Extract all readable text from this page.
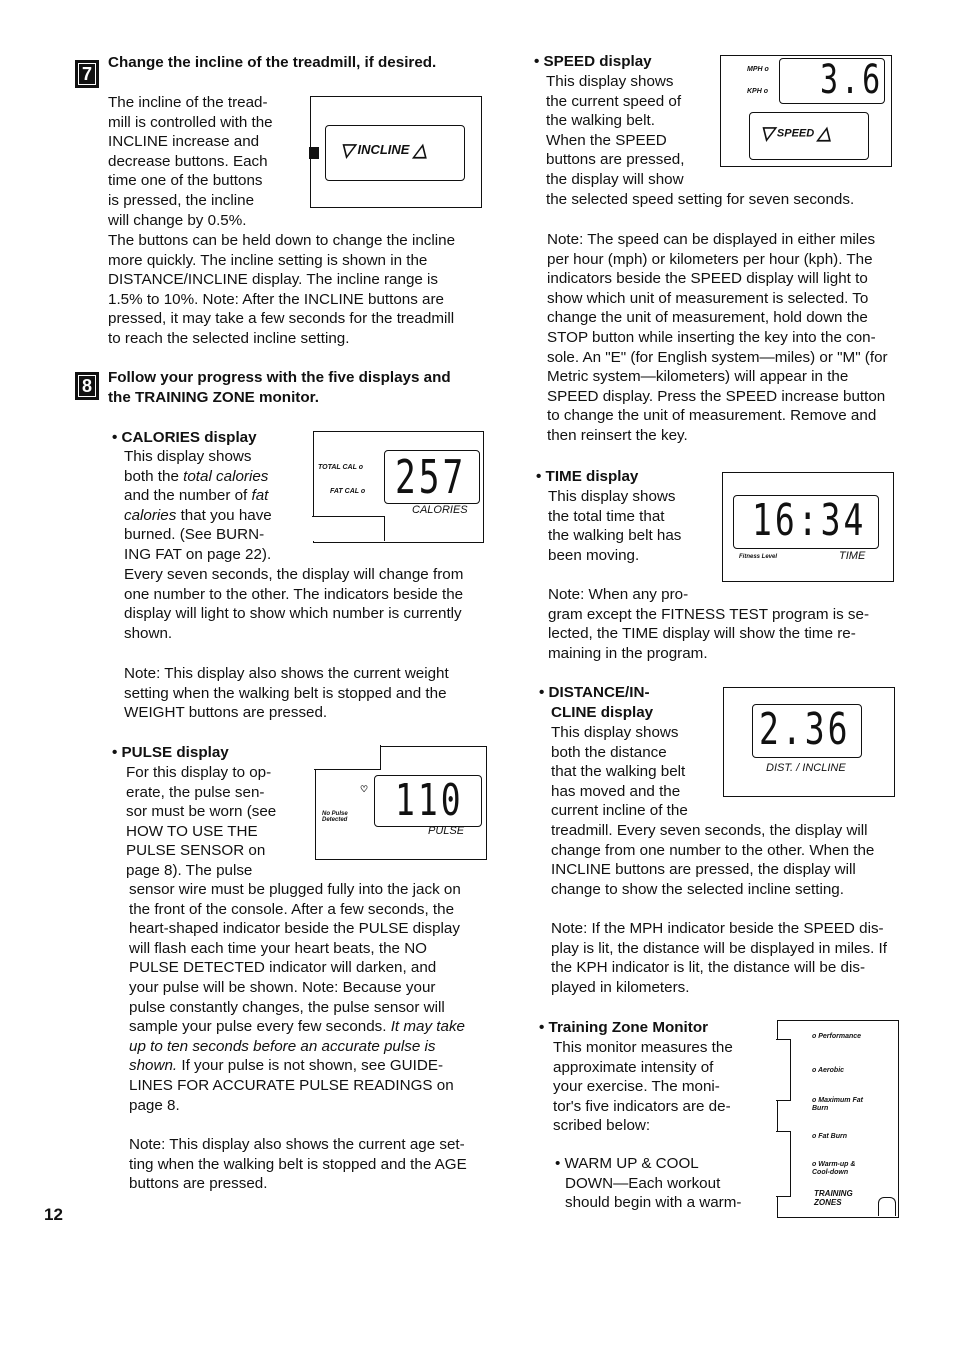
7
Change the incline of the treadmill, if desired.
The incline of the tread-
mill is controlled with the
INCLINE increase and
decrease buttons. Each
time one of the buttons
is pressed, the incline
will change by 0.5%.
The buttons can be held down to change the incline
more quickly. The incline setting is shown in the
DISTANCE/INCLINE display. The incline range is
1.5% to 10%. Note: After the INCLINE buttons are
pressed, it may take a few seconds for the treadmill
to reach the selected incline setting.
▽ INCLINE △
8	Follow your progress with the five displays and
the TRAINING ZONE monitor.
• CALORIES display
This display shows
both the total calories
and the number of fat
calories that you have
burned. (See BURN-
ING FAT on page 22).
Every seven seconds, the display will change from
one number to the other. The indicators beside the
display will light to show which number is currently
shown.
Note: This display also shows the current weight
setting when the walking belt is stopped and the
WEIGHT buttons are pressed.
TOTAL CAL o
FAT CAL o 257
CALORIES
• PULSE display
For this display to op-
erate, the pulse sen-
sor must be worn (see
HOW TO USE THE
PULSE SENSOR on
page 8). The pulse
sensor wire must be plugged fully into the jack on
the front of the console. After a few seconds, the
heart-shaped indicator beside the PULSE display
will flash each time your heart beats, the NO
PULSE DETECTED indicator will darken, and
your pulse will be shown. Note: Because your
pulse constantly changes, the pulse sensor will
sample your pulse every few seconds. It may take
up to ten seconds before an accurate pulse is
shown. If your pulse is not shown, see GUIDE-
LINES FOR ACCURATE PULSE READINGS on
page 8.
Note: This display also shows the current age set-
ting when the walking belt is stopped and the AGE
buttons are pressed.
♡
No Pulse Detected 110
PULSE
12
• SPEED display
This display shows
the current speed of
the walking belt.
When the SPEED
buttons are pressed,
the display will show
the selected speed setting for seven seconds.
Note: The speed can be displayed in either miles
per hour (mph) or kilometers per hour (kph). The
indicators beside the SPEED display will light to
show which unit of measurement is selected. To
change the unit of measurement, hold down the
STOP button while inserting the key into the con-
sole. An "E" (for English system—miles) or "M" (for
Metric system—kilometers) will appear in the
SPEED display. Press the SPEED increase button
to change the unit of measurement. Remove and
then reinsert the key.
MPH o
KPH o 3.6
▽ SPEED △
• TIME display
This display shows
the total time that
the walking belt has
been moving.
Note: When any pro-
gram except the FITNESS TEST program is se-
lected, the TIME display will show the time re-
maining in the program.
16:34
Fitness Level	TIME
• DISTANCE/IN-
CLINE display
This display shows
both the distance
that the walking belt
has moved and the
current incline of the
treadmill. Every seven seconds, the display will
change from one number to the other. When the
INCLINE buttons are pressed, the display will
change to show the selected incline setting.
Note: If the MPH indicator beside the SPEED dis-
play is lit, the distance will be displayed in miles. If
the KPH indicator is lit, the distance will be dis-
played in kilometers.
2.36
DIST. / INCLINE
• Training Zone Monitor
This monitor measures the
approximate intensity of
your exercise. The moni-
tor's five indicators are de-
scribed below:
• WARM UP & COOL
DOWN—Each workout
should begin with a warm-
o Performance
o Aerobic
o Maximum Fat Burn
o Fat Burn
o Warm-up & Cool-down
TRAINING ZONES
